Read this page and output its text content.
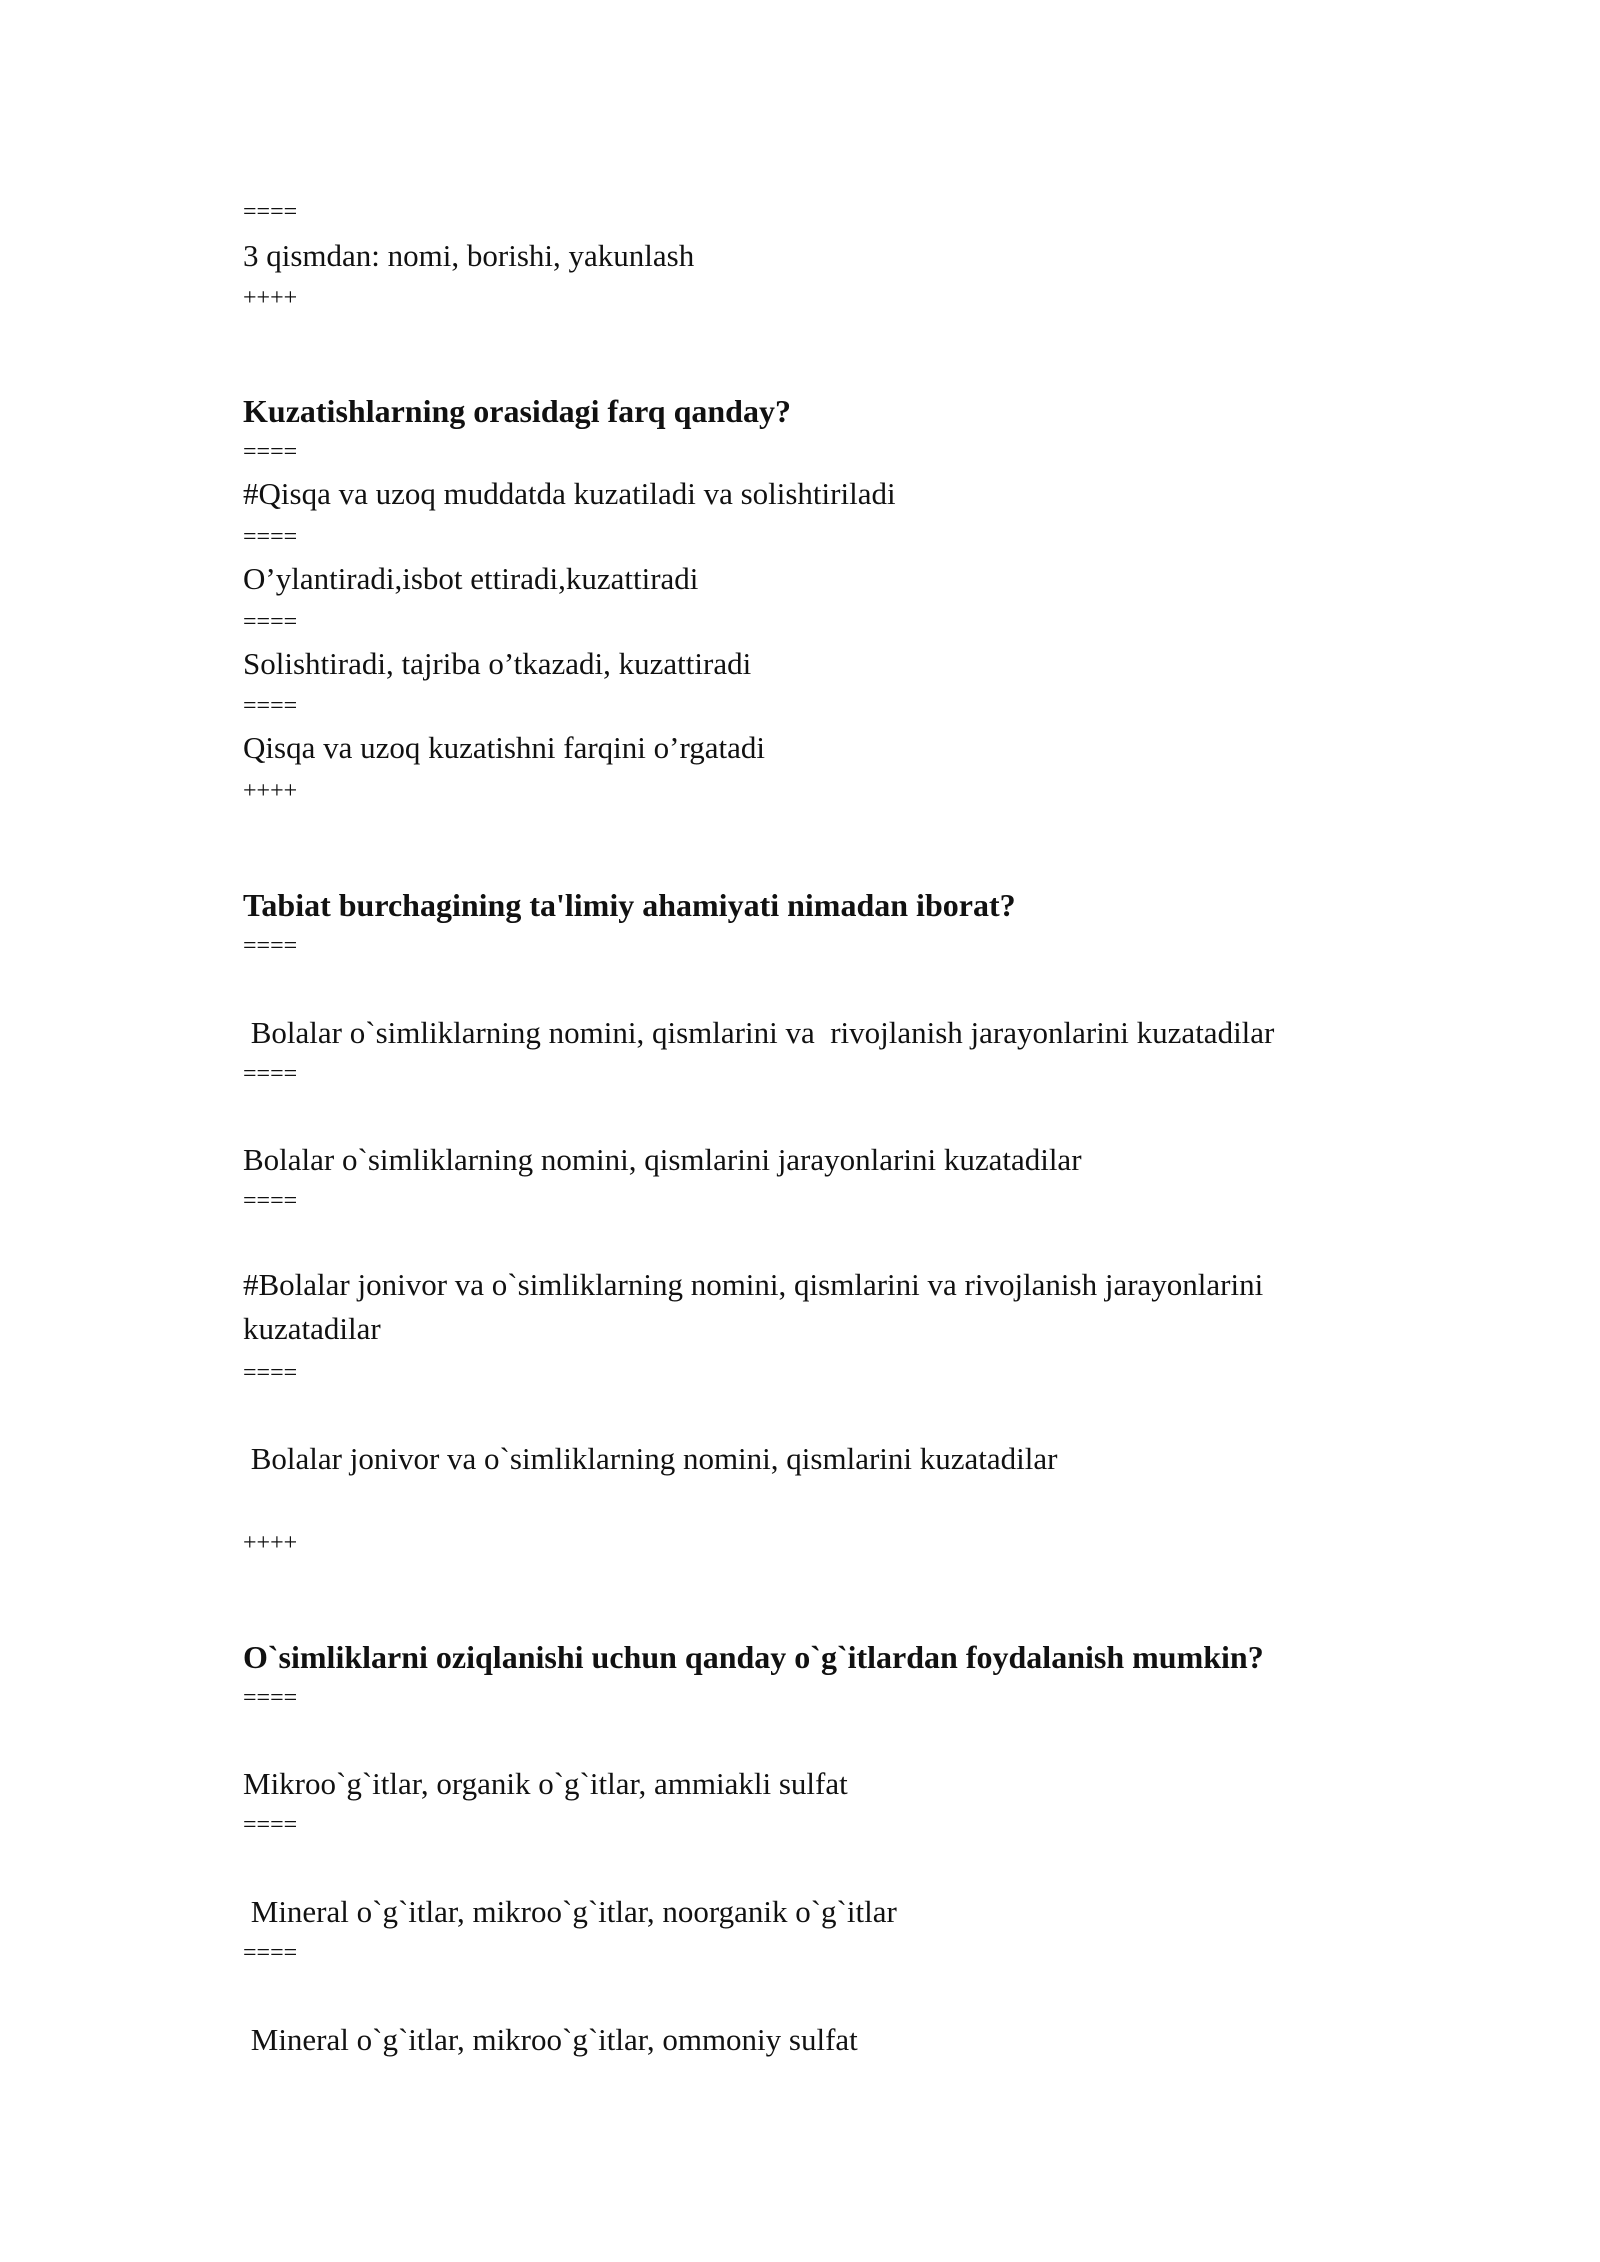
====
3 qismdan: nomi, borishi, yakunlash
++++
Kuzatishlarning orasidagi farq qanday?
====
#Qisqa va uzoq muddatda kuzatiladi va solishtiriladi
====
O’ylantiradi,isbot ettiradi,kuzattiradi
====
Solishtiradi, tajriba o’tkazadi, kuzattiradi
====
Qisqa va uzoq kuzatishni farqini o’rgatadi
++++
Tabiat burchagining ta'limiy ahamiyati nimadan iborat?
====
Bolalar o`simliklarning nomini, qismlarini va  rivojlanish jarayonlarini kuzatadilar
====
Bolalar o`simliklarning nomini, qismlarini jarayonlarini kuzatadilar
====
#Bolalar jonivor va o`simliklarning nomini, qismlarini va rivojlanish jarayonlarini kuzatadilar
====
Bolalar jonivor va o`simliklarning nomini, qismlarini kuzatadilar
++++
O`simliklarni oziqlanishi uchun qanday o`g`itlardan foydalanish mumkin?
====
Mikroo`g`itlar, organik o`g`itlar, ammiakli sulfat
====
Mineral o`g`itlar, mikroo`g`itlar, noorganik o`g`itlar
====
Mineral o`g`itlar, mikroo`g`itlar, ommoniy sulfat
